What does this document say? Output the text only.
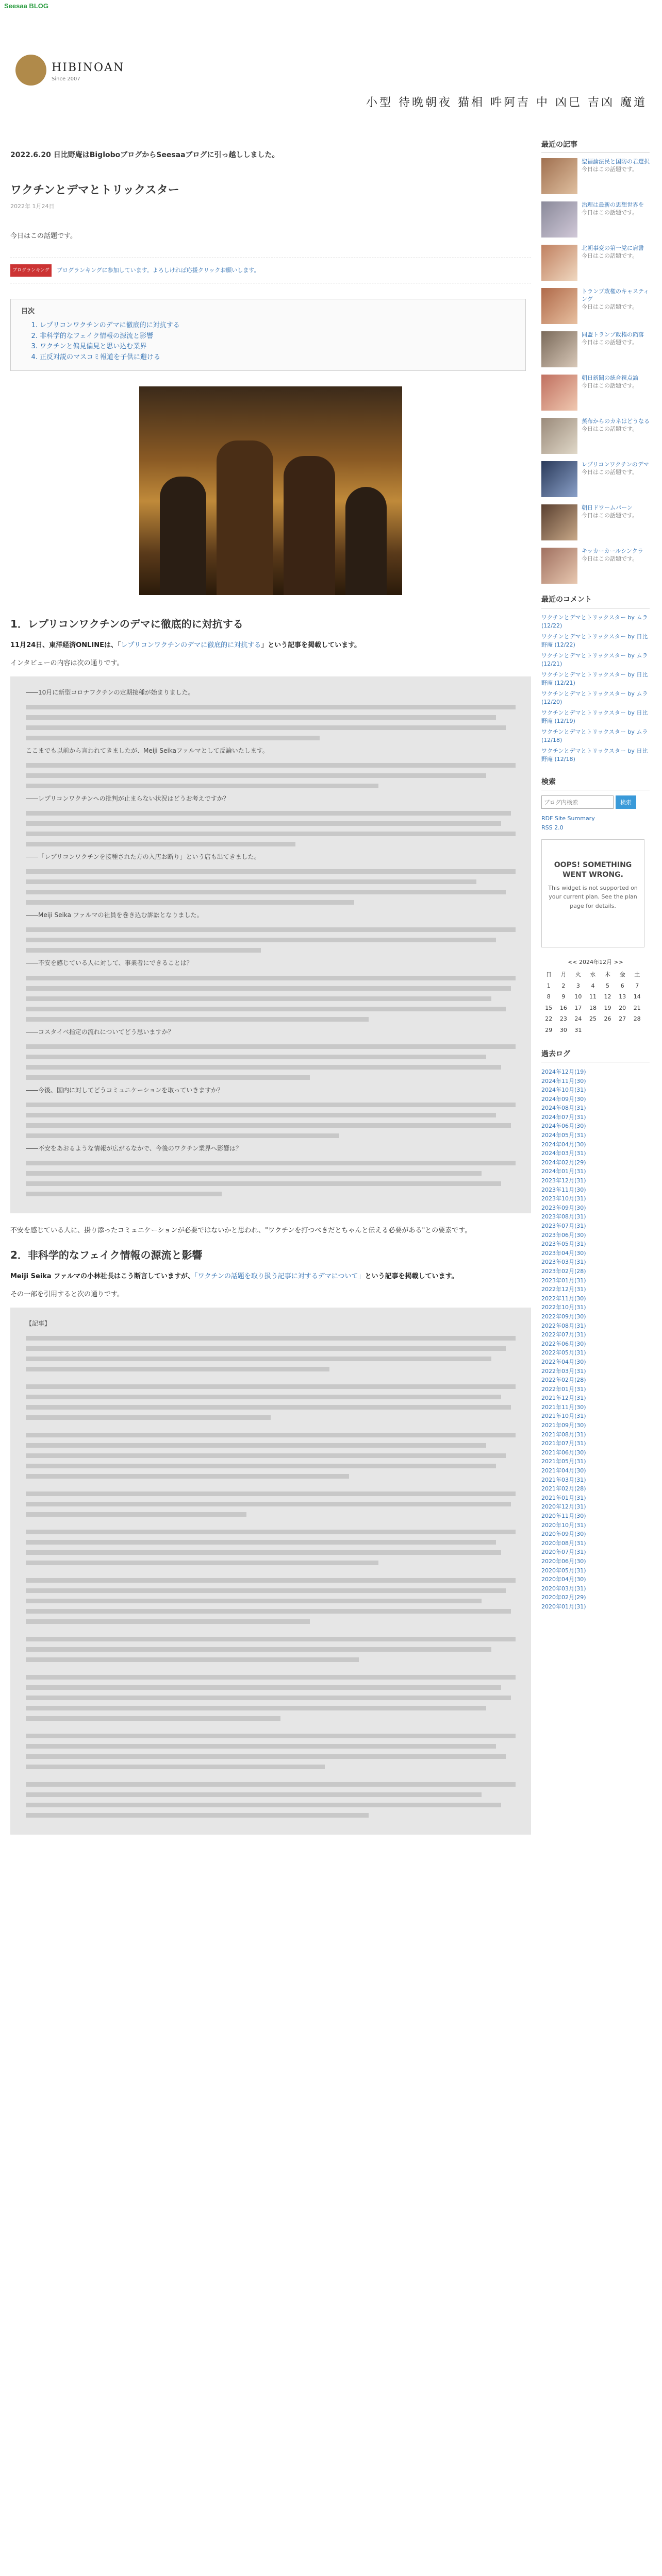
Seesaa BLOG
HIBINOAN
Since 2007
小型 待晩朝夜 猫相 吽阿吉 中 凶巳 吉凶 魔道
2022.6.20 日比野庵はBigloboブログからSeesaaブログに引っ越ししました。
ワクチンとデマとトリックスター
2022年 1月24日
今日はこの話題です。
ブログランキング	ブログランキングに参加しています。よろしければ応援クリックお願いします。
目次
1. レプリコンワクチンのデマに徹底的に対抗する
2. 非科学的なフェイク情報の源流と影響
3. ワクチンと偏見偏見と思い込む業界
4. 正反対説のマスコミ報道を子供に避ける
1．レプリコンワクチンのデマに徹底的に対抗する
11月24日、東洋経済ONLINEは、「レプリコンワクチンのデマに徹底的に対抗する」という記事を掲載しています。
インタビューの内容は次の通りです。

――10月に新型コロナワクチンの定期接種が始まりました。

ここまでも以前から言われてきましたが、Meiji Seikaファルマとして反論いたします。

――レプリコンワクチンへの批判が止まらない状況はどうお考えですか？

――「レプリコンワクチンを接種された方の入店お断り」という店も出てきました。

――Meiji Seika ファルマの社員を巻き込む訴訟となりました。

――不安を感じている人に対して、事業者にできることは？

――コスタイベ指定の流れについてどう思いますか？

――今後、国内に対してどうコミュニケーションを取っていきますか？

――不安をあおるような情報が広がるなかで、今後のワクチン業界へ影響は？

不安を感じている人に、掛り添ったコミュニケーションが必要ではないかと思われ、"ワクチンを打つべきだとちゃんと伝える必要がある"との要素です。
2．非科学的なフェイク情報の源流と影響
Meiji Seika ファルマの小林社長はこう断言していますが、「ワクチンの話題を取り扱う記事に対するデマについて」という記事を掲載しています。
その一部を引用すると次の通りです。

【記事】

最近の記事
聖福論法民と国防の君選択
今日はこの話題です。
治理は最新の思想世界を
今日はこの話題です。
北朝事変の第一党に肩書
今日はこの話題です。
トランプ政権のキャスティング
今日はこの話題です。
同盟トランプ政権の陥落
今日はこの話題です。
朝日新聞の統合視点論
今日はこの話題です。
蒸布からのカネはどうなる
今日はこの話題です。
レプリコンワクチンのデマ
今日はこの話題です。
朝日ドワームパーン
今日はこの話題です。
キッカーカールシンクラ
今日はこの話題です。
最近のコメント
ワクチンとデマとトリックスター by ムラ (12/22)
ワクチンとデマとトリックスター by 日比野庵 (12/22)
ワクチンとデマとトリックスター by ムラ (12/21)
ワクチンとデマとトリックスター by 日比野庵 (12/21)
ワクチンとデマとトリックスター by ムラ (12/20)
ワクチンとデマとトリックスター by 日比野庵 (12/19)
ワクチンとデマとトリックスター by ムラ (12/18)
ワクチンとデマとトリックスター by 日比野庵 (12/18)
検索
ブログ内検索
検索
RDF Site Summary
RSS 2.0
OOPS! SOMETHING WENT WRONG.
This widget is not supported on your current plan. See the plan page for details.
<< 2024年12月 >>
日	月	火	水	木	金	土
1	2	3	4	5	6	7
8	9	10	11	12	13	14
15	16	17	18	19	20	21
22	23	24	25	26	27	28
29	30	31				
過去ログ
2024年12月(19)
2024年11月(30)
2024年10月(31)
2024年09月(30)
2024年08月(31)
2024年07月(31)
2024年06月(30)
2024年05月(31)
2024年04月(30)
2024年03月(31)
2024年02月(29)
2024年01月(31)
2023年12月(31)
2023年11月(30)
2023年10月(31)
2023年09月(30)
2023年08月(31)
2023年07月(31)
2023年06月(30)
2023年05月(31)
2023年04月(30)
2023年03月(31)
2023年02月(28)
2023年01月(31)
2022年12月(31)
2022年11月(30)
2022年10月(31)
2022年09月(30)
2022年08月(31)
2022年07月(31)
2022年06月(30)
2022年05月(31)
2022年04月(30)
2022年03月(31)
2022年02月(28)
2022年01月(31)
2021年12月(31)
2021年11月(30)
2021年10月(31)
2021年09月(30)
2021年08月(31)
2021年07月(31)
2021年06月(30)
2021年05月(31)
2021年04月(30)
2021年03月(31)
2021年02月(28)
2021年01月(31)
2020年12月(31)
2020年11月(30)
2020年10月(31)
2020年09月(30)
2020年08月(31)
2020年07月(31)
2020年06月(30)
2020年05月(31)
2020年04月(30)
2020年03月(31)
2020年02月(29)
2020年01月(31)
